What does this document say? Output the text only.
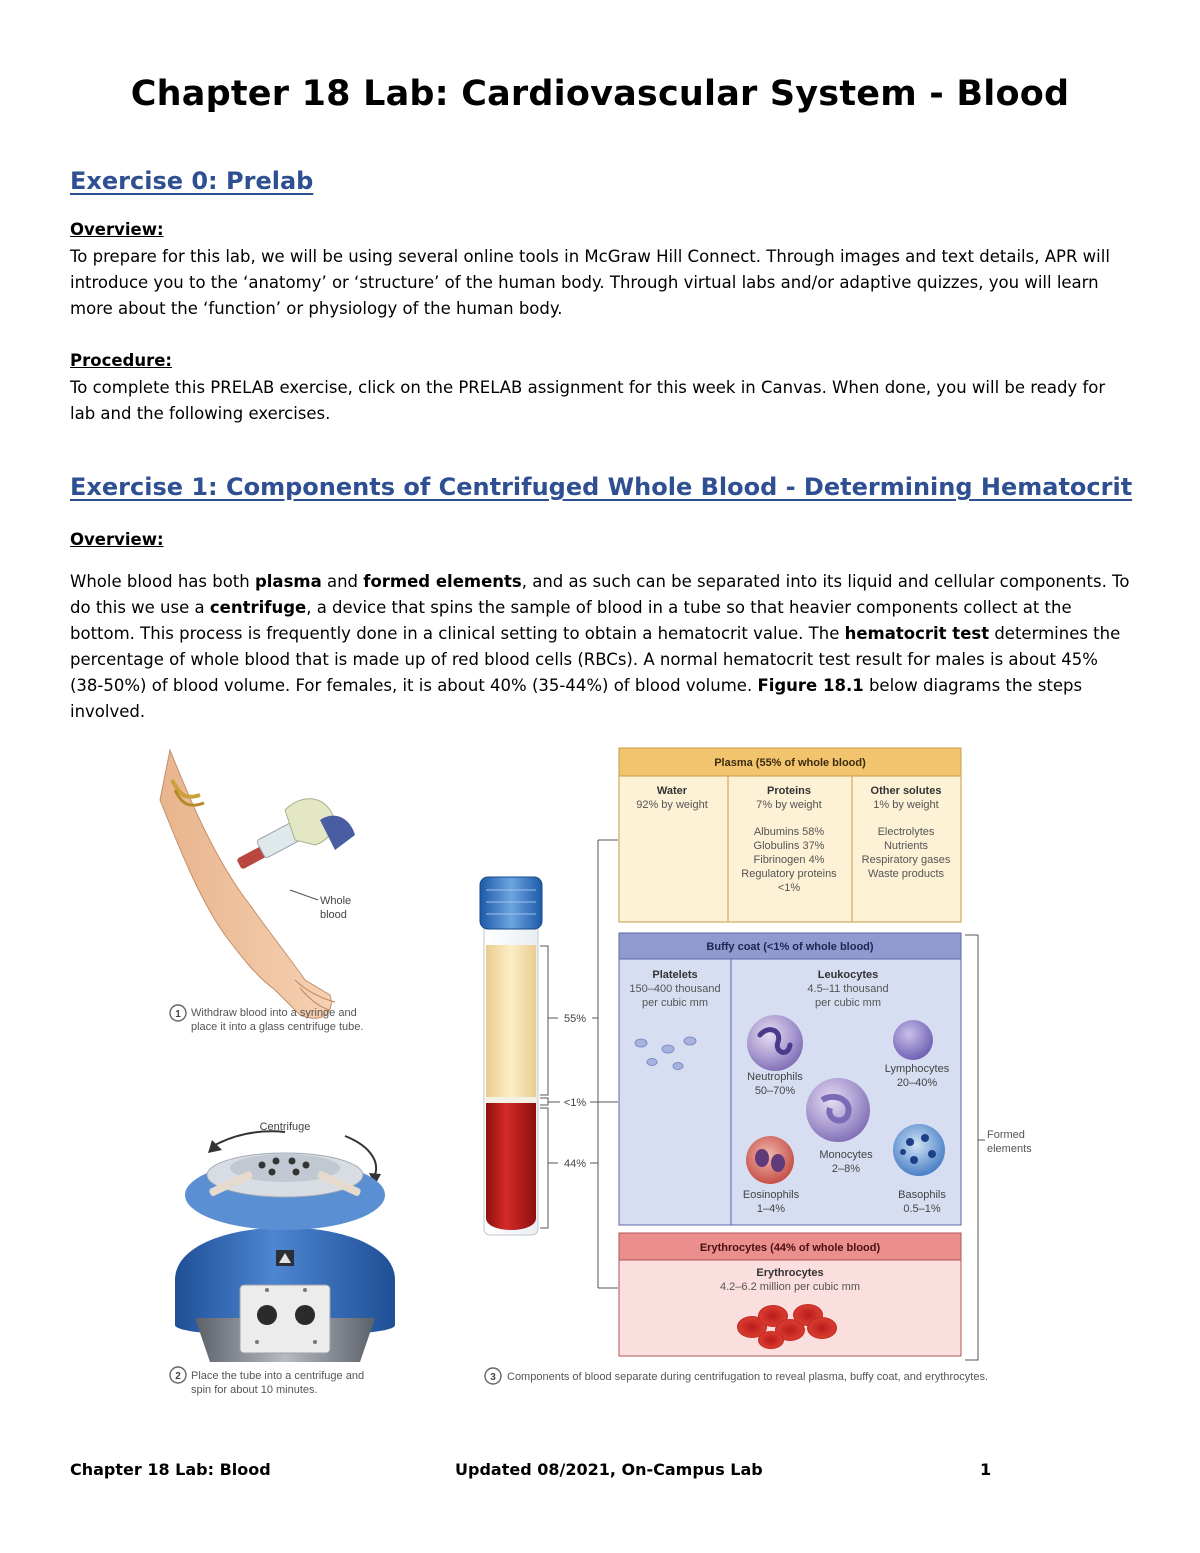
Chapter 18 Lab: Cardiovascular System - Blood
Exercise 0: Prelab
Overview:
To prepare for this lab, we will be using several online tools in McGraw Hill Connect. Through images and text details, APR will introduce you to the ‘anatomy’ or ‘structure’ of the human body. Through virtual labs and/or adaptive quizzes, you will learn more about the ‘function’ or physiology of the human body.
Procedure:
To complete this PRELAB exercise, click on the PRELAB assignment for this week in Canvas. When done, you will be ready for lab and the following exercises.
Exercise 1: Components of Centrifuged Whole Blood - Determining Hematocrit
Overview:
Whole blood has both plasma and formed elements, and as such can be separated into its liquid and cellular components. To do this we use a centrifuge, a device that spins the sample of blood in a tube so that heavier components collect at the bottom. This process is frequently done in a clinical setting to obtain a hematocrit value. The hematocrit test determines the percentage of whole blood that is made up of red blood cells (RBCs). A normal hematocrit test result for males is about 45% (38-50%) of blood volume. For females, it is about 40% (35-44%) of blood volume. Figure 18.1 below diagrams the steps involved.
Whole
blood
1 Withdraw blood into a syringe and
place it into a glass centrifuge tube.
Centrifuge
2 Place the tube into a centrifuge and
spin for about 10 minutes.
55%
<1%
44%
Formed
elements
Plasma (55% of whole blood)
Water
92% by weight
Proteins
7% by weight
Albumins 58%
Globulins 37%
Fibrinogen 4%
Regulatory proteins
<1%
Other solutes
1% by weight
Electrolytes
Nutrients
Respiratory gases
Waste products
Buffy coat (<1% of whole blood)
Platelets
150–400 thousand
per cubic mm
Leukocytes
4.5–11 thousand
per cubic mm
Neutrophils
50–70%
Lymphocytes
20–40%
Monocytes
2–8%
Eosinophils
1–4%
Basophils
0.5–1%
Erythrocytes (44% of whole blood)
Erythrocytes
4.2–6.2 million per cubic mm
3 Components of blood separate during centrifugation to reveal plasma, buffy coat, and erythrocytes.
Chapter 18 Lab: Blood	Updated 08/2021, On-Campus Lab	1
